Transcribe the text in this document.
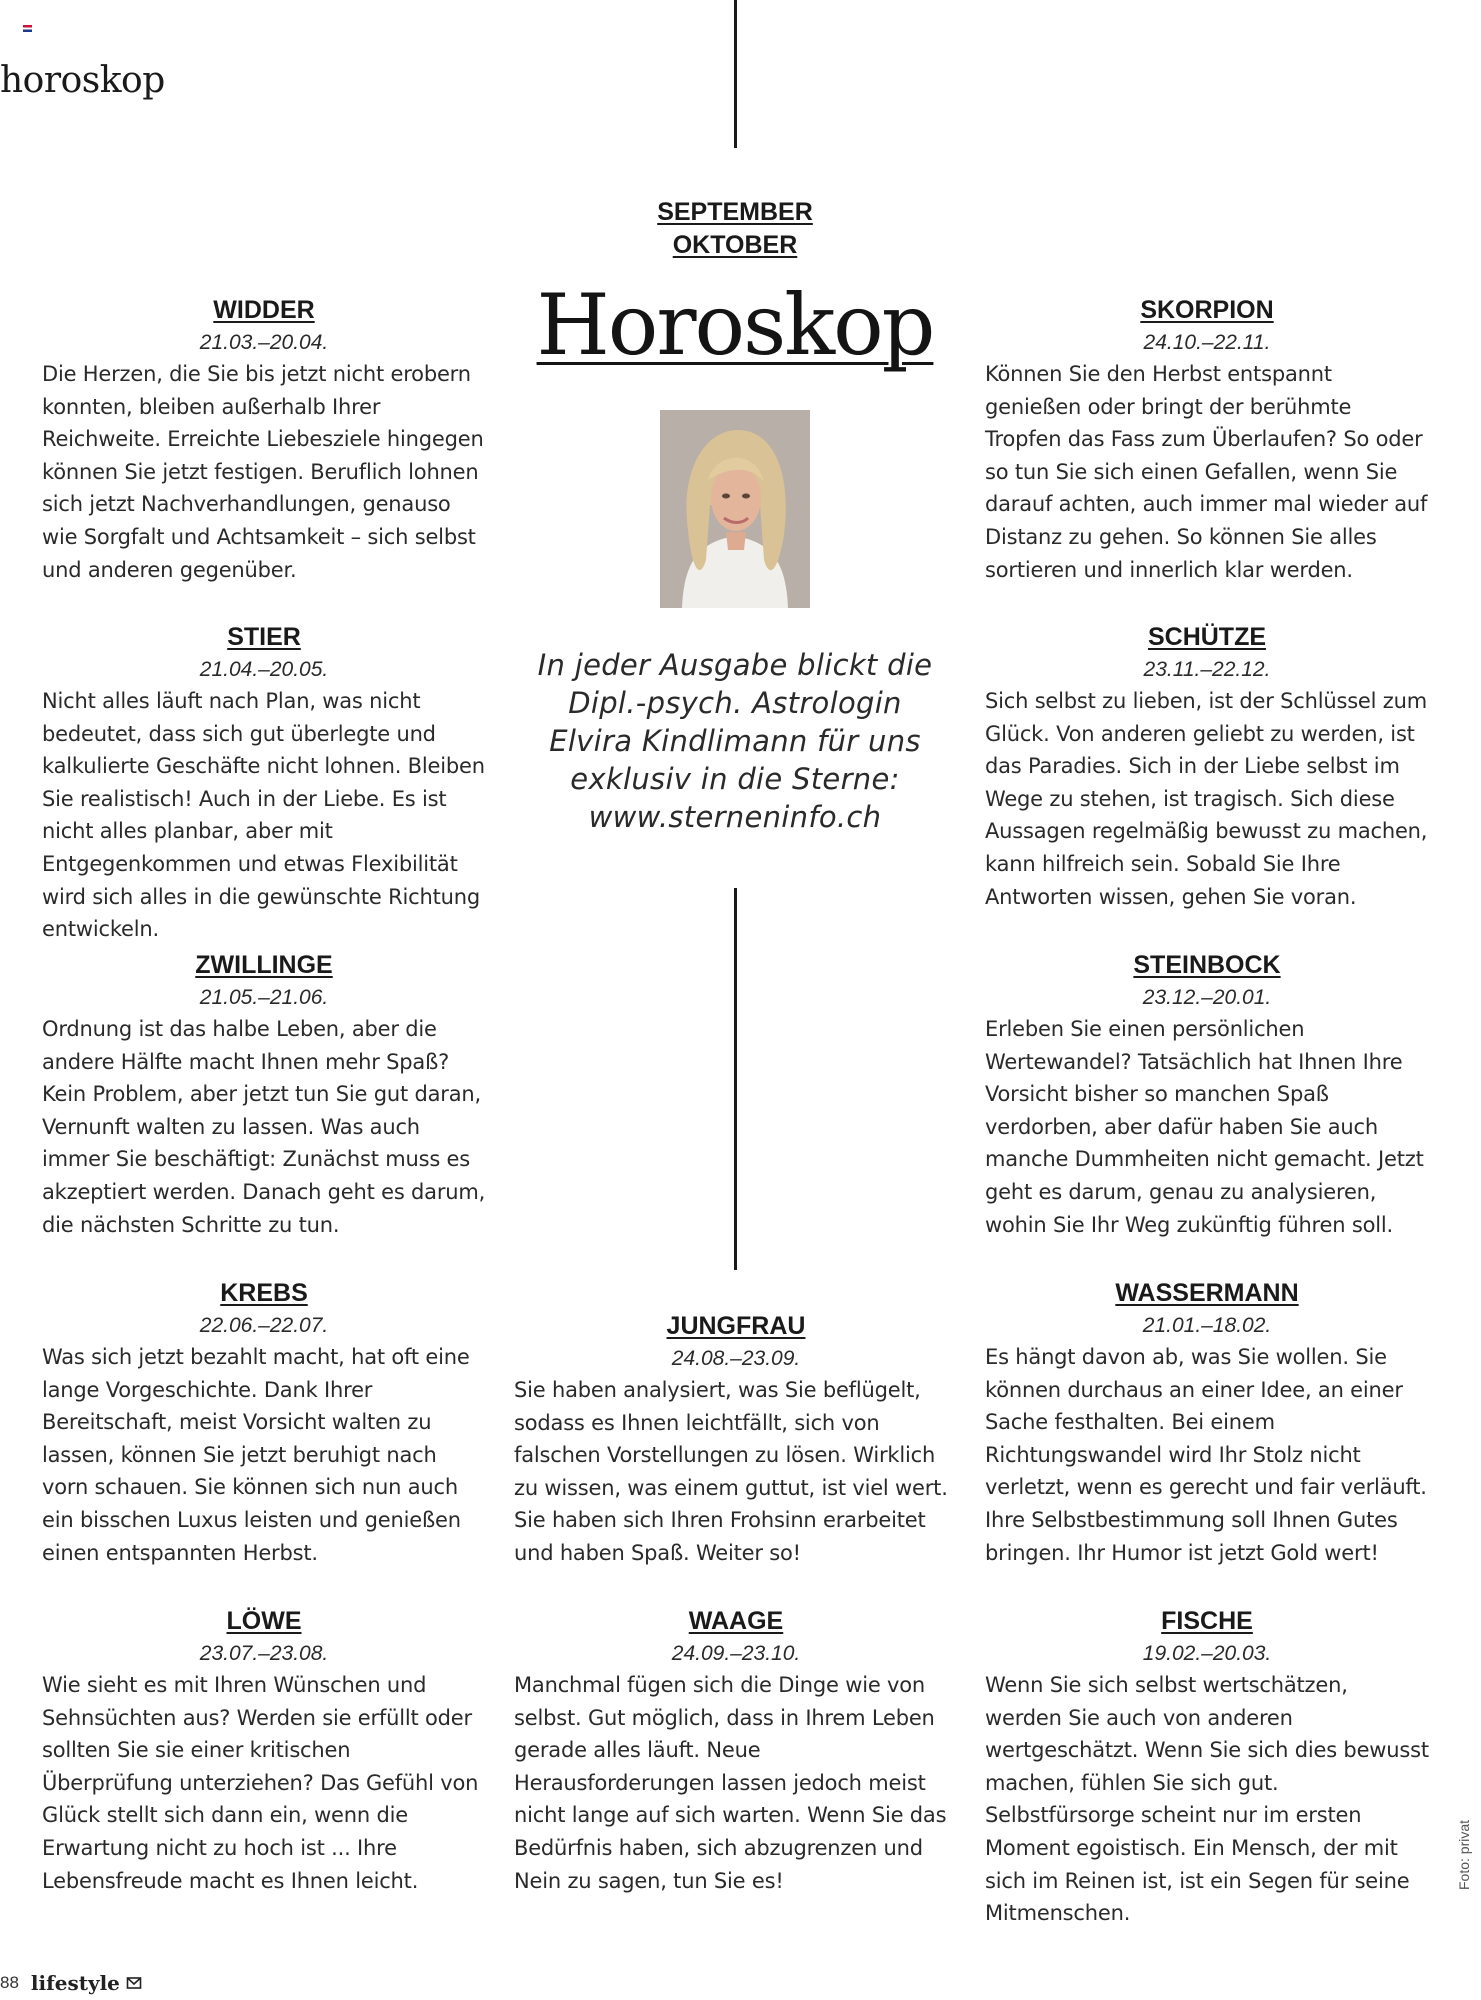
horoskop
SEPTEMBER
OKTOBER
Horoskop

In jeder Ausgabe blickt die
Dipl.-psych. Astrologin
Elvira Kindlimann für uns
exklusiv in die Sterne:
www.sterneninfo.ch

WIDDER

21.03.–20.04.

Die Herzen, die Sie bis jetzt nicht erobern konnten, bleiben außerhalb Ihrer Reichweite. Erreichte Liebesziele hingegen können Sie jetzt festigen. Beruflich lohnen sich jetzt Nachverhandlungen, genauso wie Sorgfalt und Achtsamkeit – sich selbst und anderen gegenüber.

STIER

21.04.–20.05.

Nicht alles läuft nach Plan, was nicht bedeutet, dass sich gut überlegte und kalkulierte Geschäfte nicht lohnen. Bleiben Sie realistisch! Auch in der Liebe. Es ist nicht alles planbar, aber mit Entgegenkommen und etwas Flexibilität wird sich alles in die gewünschte Richtung entwickeln.

ZWILLINGE

21.05.–21.06.

Ordnung ist das halbe Leben, aber die andere Hälfte macht Ihnen mehr Spaß? Kein Problem, aber jetzt tun Sie gut daran, Vernunft walten zu lassen. Was auch immer Sie beschäftigt: Zunächst muss es akzeptiert werden. Danach geht es darum, die nächsten Schritte zu tun.

KREBS

22.06.–22.07.

Was sich jetzt bezahlt macht, hat oft eine lange Vorgeschichte. Dank Ihrer Bereitschaft, meist Vorsicht walten zu lassen, können Sie jetzt beruhigt nach vorn schauen. Sie können sich nun auch ein bisschen Luxus leisten und genießen einen entspannten Herbst.

LÖWE

23.07.–23.08.

Wie sieht es mit Ihren Wünschen und Sehnsüchten aus? Werden sie erfüllt oder sollten Sie sie einer kritischen Überprüfung unterziehen? Das Gefühl von Glück stellt sich dann ein, wenn die Erwartung nicht zu hoch ist ... Ihre Lebensfreude macht es Ihnen leicht.

JUNGFRAU

24.08.–23.09.

Sie haben analysiert, was Sie beflügelt, sodass es Ihnen leichtfällt, sich von falschen Vorstellungen zu lösen. Wirklich zu wissen, was einem guttut, ist viel wert. Sie haben sich Ihren Frohsinn erarbeitet und haben Spaß. Weiter so!

WAAGE

24.09.–23.10.

Manchmal fügen sich die Dinge wie von selbst. Gut möglich, dass in Ihrem Leben gerade alles läuft. Neue Herausforderungen lassen jedoch meist nicht lange auf sich warten. Wenn Sie das Bedürfnis haben, sich abzugrenzen und Nein zu sagen, tun Sie es!

SKORPION

24.10.–22.11.

Können Sie den Herbst entspannt genießen oder bringt der berühmte Tropfen das Fass zum Überlaufen? So oder so tun Sie sich einen Gefallen, wenn Sie darauf achten, auch immer mal wieder auf Distanz zu gehen. So können Sie alles sortieren und innerlich klar werden.

SCHÜTZE

23.11.–22.12.

Sich selbst zu lieben, ist der Schlüssel zum Glück. Von anderen geliebt zu werden, ist das Paradies. Sich in der Liebe selbst im Wege zu stehen, ist tragisch. Sich diese Aussagen regelmäßig bewusst zu machen, kann hilfreich sein. Sobald Sie Ihre Antworten wissen, gehen Sie voran.

STEINBOCK

23.12.–20.01.

Erleben Sie einen persönlichen Wertewandel? Tatsächlich hat Ihnen Ihre Vorsicht bisher so manchen Spaß verdorben, aber dafür haben Sie auch manche Dummheiten nicht gemacht. Jetzt geht es darum, genau zu analysieren, wohin Sie Ihr Weg zukünftig führen soll.

WASSERMANN

21.01.–18.02.

Es hängt davon ab, was Sie wollen. Sie können durchaus an einer Idee, an einer Sache festhalten. Bei einem Richtungswandel wird Ihr Stolz nicht verletzt, wenn es gerecht und fair verläuft. Ihre Selbstbestimmung soll Ihnen Gutes bringen. Ihr Humor ist jetzt Gold wert!

FISCHE

19.02.–20.03.

Wenn Sie sich selbst wertschätzen, werden Sie auch von anderen wertgeschätzt. Wenn Sie sich dies bewusst machen, fühlen Sie sich gut. Selbstfürsorge scheint nur im ersten Moment egoistisch. Ein Mensch, der mit sich im Reinen ist, ist ein Segen für seine Mitmenschen.

Foto: privat
88 lifestyle
